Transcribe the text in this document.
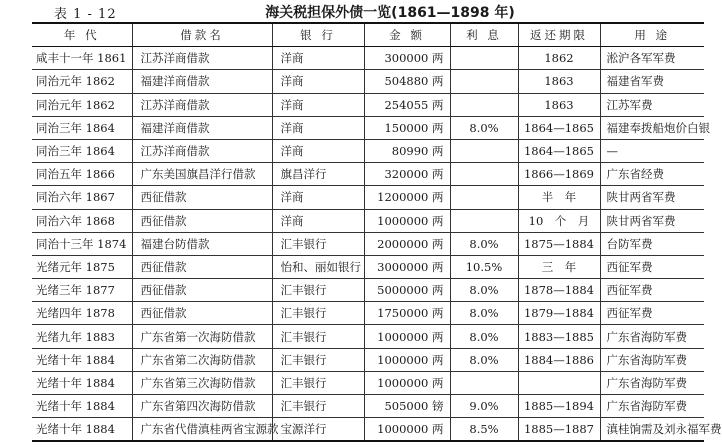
表 1 - 12	海关税担保外债一览(1861—1898 年)
年 代	借款名	银 行	金 额	利 息	返还期限	用 途
咸丰十一年 1861	江苏洋商借款	洋商	300000 两		1862	淞沪各军军费
同治元年 1862	福建洋商借款	洋商	504880 两		1863	福建省军费
同治元年 1862	江苏洋商借款	洋商	254055 两		1863	江苏军费
同治三年 1864	福建洋商借款	洋商	150000 两	8.0%	1864—1865	福建奉拨船炮价白银
同治三年 1864	江苏洋商借款	洋商	80990 两		1864—1865	—
同治五年 1866	广东美国旗昌洋行借款	旗昌洋行	320000 两		1866—1869	广东省经费
同治六年 1867	西征借款	洋商	1200000 两		半　年	陕甘两省军费
同治六年 1868	西征借款	洋商	1000000 两		10　个　月	陕甘两省军费
同治十三年 1874	福建台防借款	汇丰银行	2000000 两	8.0%	1875—1884	台防军费
光绪元年 1875	西征借款	怡和、丽如银行	3000000 两	10.5%	三　年	西征军费
光绪三年 1877	西征借款	汇丰银行	5000000 两	8.0%	1878—1884	西征军费
光绪四年 1878	西征借款	汇丰银行	1750000 两	8.0%	1879—1884	西征军费
光绪九年 1883	广东省第一次海防借款	汇丰银行	1000000 两	8.0%	1883—1885	广东省海防军费
光绪十年 1884	广东省第二次海防借款	汇丰银行	1000000 两	8.0%	1884—1886	广东省海防军费
光绪十年 1884	广东省第三次海防借款	汇丰银行	1000000 两			广东省海防军费
光绪十年 1884	广东省第四次海防借款	汇丰银行	505000 镑	9.0%	1885—1894	广东省海防军费
光绪十年 1884	广东省代借滇桂两省宝源款	宝源洋行	1000000 两	8.5%	1885—1887	滇桂饷需及刘永福军费
